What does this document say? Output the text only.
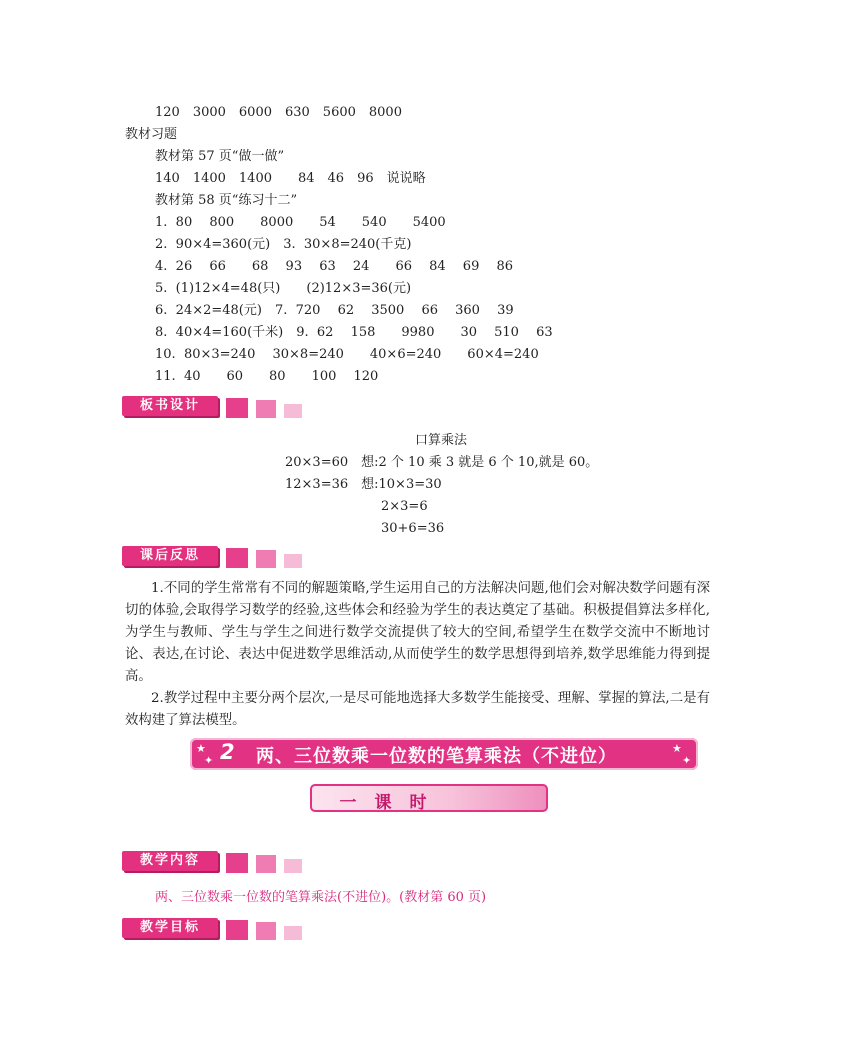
120　3000　6000　630　5600　8000
教材习题
教材第 57 页“做一做”
140　1400　1400　　84　46　96　说说略
教材第 58 页“练习十二”
1.  80　 800　　8000　　54　　540　　5400
2.  90×4=360(元)　3.  30×8=240(千克)
4.  26　 66　　68　 93　 63　 24　　66　 84　 69　 86
5.  (1)12×4=48(只)　　(2)12×3=36(元)
6.  24×2=48(元)　7.  720　 62　 3500　 66　 360　 39
8.  40×4=160(千米)　9.  62　 158　　9980　　30　 510　 63
10.  80×3=240　 30×8=240　　40×6=240　　60×4=240
11.  40　　60　　80　　100　 120
板书设计
口算乘法
20×3=60　想:2 个 10 乘 3 就是 6 个 10,就是 60。
12×3=36　想:10×3=30
2×3=6
30+6=36
课后反思
1.不同的学生常常有不同的解题策略,学生运用自己的方法解决问题,他们会对解决数学问题有深切的体验,会取得学习数学的经验,这些体会和经验为学生的表达奠定了基础。积极提倡算法多样化,为学生与教师、学生与学生之间进行数学交流提供了较大的空间,希望学生在数学交流中不断地讨论、表达,在讨论、表达中促进数学思维活动,从而使学生的数学思想得到培养,数学思维能力得到提高。
2.教学过程中主要分两个层次,一是尽可能地选择大多数学生能接受、理解、掌握的算法,二是有效构建了算法模型。
★
✦ 2 两、三位数乘一位数的笔算乘法（不进位）	★
✦
一课时
教学内容
两、三位数乘一位数的笔算乘法(不进位)。(教材第 60 页)
教学目标
